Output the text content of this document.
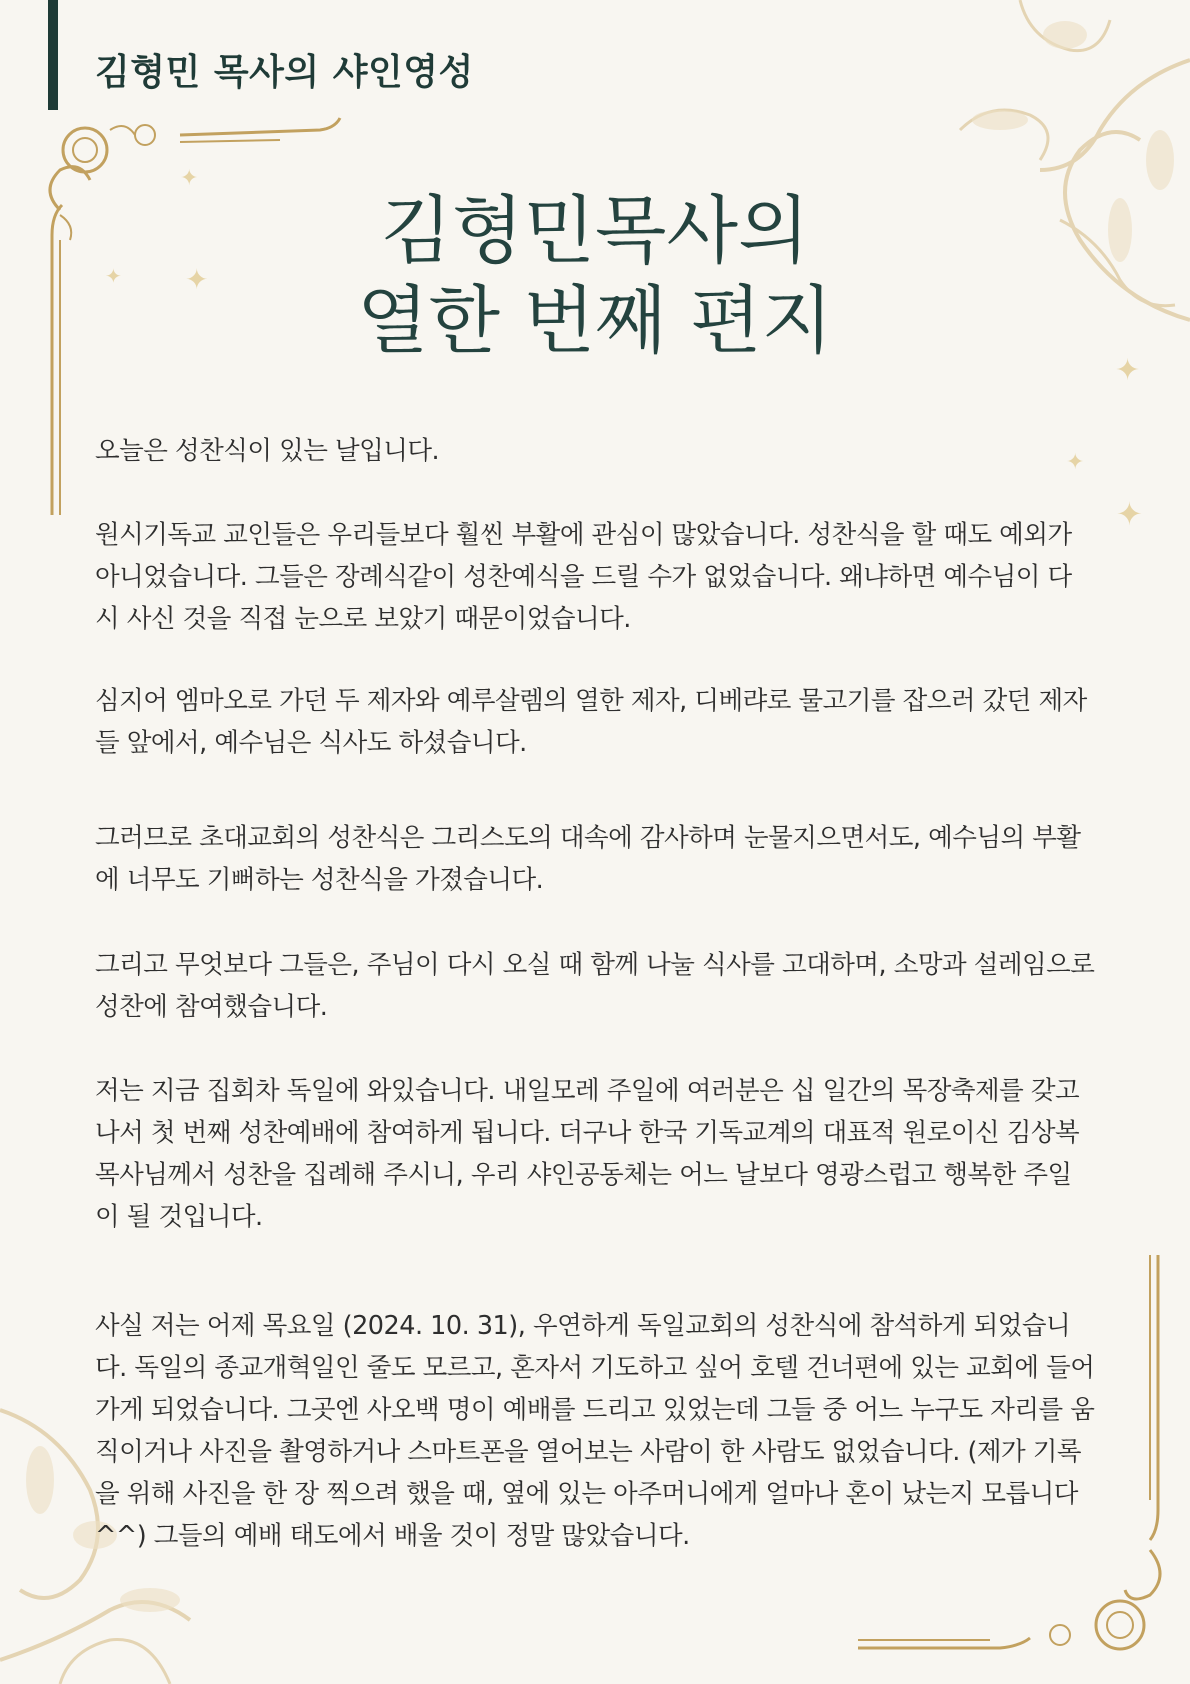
✦
✦ ✦
✦
✦
✦
김형민 목사의 샤인영성
김형민목사의
열한 번째 편지
오늘은 성찬식이 있는 날입니다.
원시기독교 교인들은 우리들보다 훨씬 부활에 관심이 많았습니다. 성찬식을 할 때도 예외가 아니었습니다. 그들은 장례식같이 성찬예식을 드릴 수가 없었습니다. 왜냐하면 예수님이 다시 사신 것을 직접 눈으로 보았기 때문이었습니다.
심지어 엠마오로 가던 두 제자와 예루살렘의 열한 제자, 디베랴로 물고기를 잡으러 갔던 제자들 앞에서, 예수님은 식사도 하셨습니다.
그러므로 초대교회의 성찬식은 그리스도의 대속에 감사하며 눈물지으면서도, 예수님의 부활에 너무도 기뻐하는 성찬식을 가졌습니다.
그리고 무엇보다 그들은, 주님이 다시 오실 때 함께 나눌 식사를 고대하며, 소망과 설레임으로 성찬에 참여했습니다.
저는 지금 집회차 독일에 와있습니다. 내일모레 주일에 여러분은 십 일간의 목장축제를 갖고 나서 첫 번째 성찬예배에 참여하게 됩니다. 더구나 한국 기독교계의 대표적 원로이신 김상복 목사님께서 성찬을 집례해 주시니, 우리 샤인공동체는 어느 날보다 영광스럽고 행복한 주일이 될 것입니다.
사실 저는 어제 목요일 (2024. 10. 31), 우연하게 독일교회의 성찬식에 참석하게 되었습니다. 독일의 종교개혁일인 줄도 모르고, 혼자서 기도하고 싶어 호텔 건너편에 있는 교회에 들어가게 되었습니다. 그곳엔 사오백 명이 예배를 드리고 있었는데 그들 중 어느 누구도 자리를 움직이거나 사진을 촬영하거나 스마트폰을 열어보는 사람이 한 사람도 없었습니다. (제가 기록을 위해 사진을 한 장 찍으려 했을 때, 옆에 있는 아주머니에게 얼마나 혼이 났는지 모릅니다^^) 그들의 예배 태도에서 배울 것이 정말 많았습니다.
